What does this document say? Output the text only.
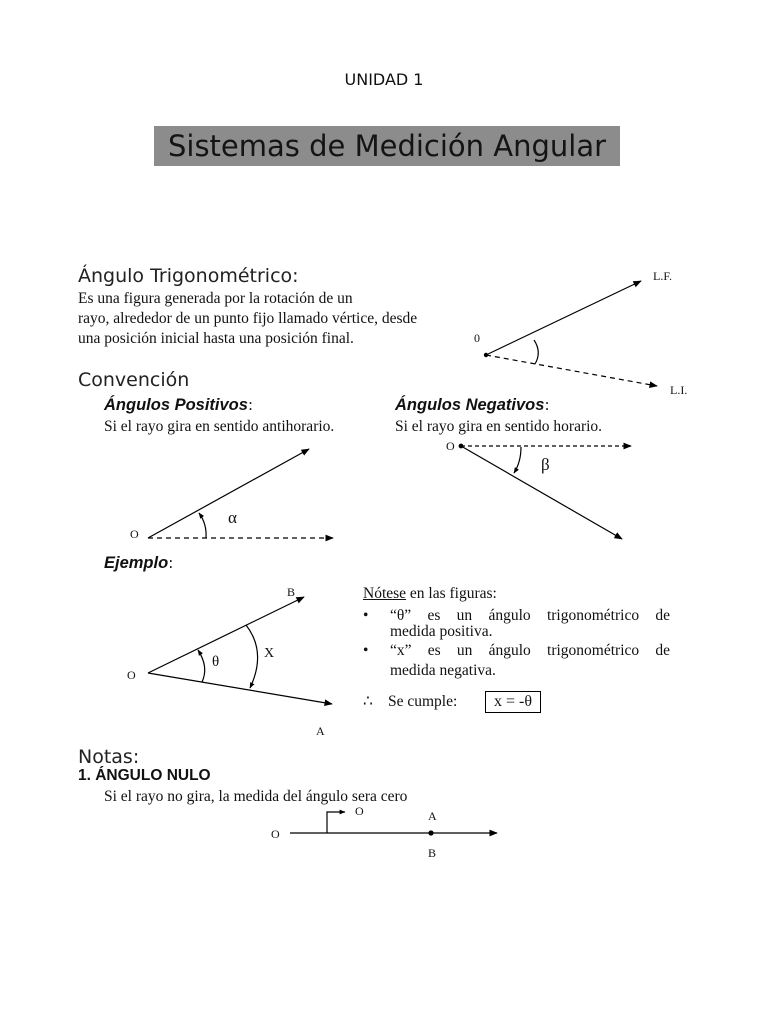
UNIDAD 1
Sistemas de Medición Angular
Ángulo Trigonométrico:
Es una figura generada por la rotación de un
rayo, alrededor de un punto fijo llamado vértice, desde
una posición inicial hasta una posición final.
Convención
Ángulos Positivos:
Si el rayo gira en sentido antihorario.
Ángulos Negativos:
Si el rayo gira en sentido horario.
Ejemplo:
Nótese en las figuras:
• “θ” es un ángulo trigonométrico de
medida positiva.
• “x” es un ángulo trigonométrico de
medida negativa.
∴ Se cumple:	x = -θ
Notas:
1. ÁNGULO NULO
Si el rayo no gira, la medida del ángulo sera cero
0
L.F.
L.I.
O
α
O
β
O
B
A
θ
X
O
O	A
B
